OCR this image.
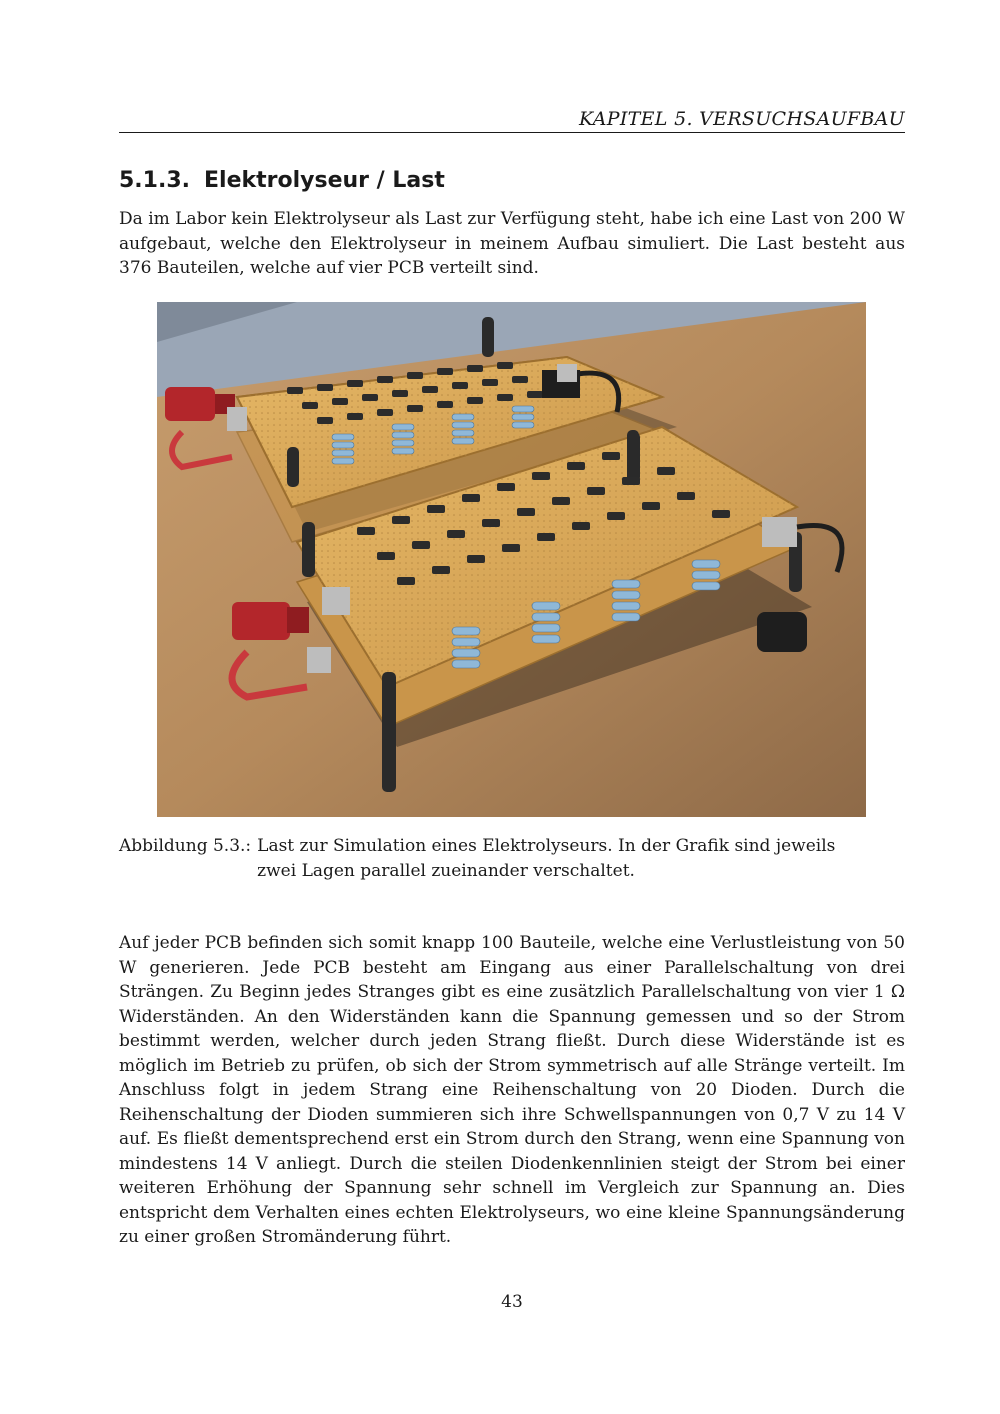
KAPITEL 5. VERSUCHSAUFBAU
5.1.3. Elektrolyseur / Last

Da im Labor kein Elektrolyseur als Last zur Verfügung steht, habe ich eine Last von 200 W aufgebaut, welche den Elektrolyseur in meinem Aufbau simuliert. Die Last besteht aus 376 Bauteilen, welche auf vier PCB verteilt sind.

Abbildung 5.3.: Last zur Simulation eines Elektrolyseurs. In der Grafik sind jeweils zwei Lagen parallel zueinander verschaltet.

Auf jeder PCB befinden sich somit knapp 100 Bauteile, welche eine Verlustleistung von 50 W generieren. Jede PCB besteht am Eingang aus einer Parallelschaltung von drei Strängen. Zu Beginn jedes Stranges gibt es eine zusätzlich Parallelschaltung von vier 1 Ω Widerständen. An den Widerständen kann die Spannung gemessen und so der Strom bestimmt werden, welcher durch jeden Strang fließt. Durch diese Widerstände ist es möglich im Betrieb zu prüfen, ob sich der Strom symmetrisch auf alle Stränge verteilt. Im Anschluss folgt in jedem Strang eine Reihenschaltung von 20 Dioden. Durch die Reihenschaltung der Dioden summieren sich ihre Schwellspannungen von 0,7 V zu 14 V auf. Es fließt dementsprechend erst ein Strom durch den Strang, wenn eine Spannung von mindestens 14 V anliegt. Durch die steilen Diodenkennlinien steigt der Strom bei einer weiteren Erhöhung der Spannung sehr schnell im Vergleich zur Spannung an. Dies entspricht dem Verhalten eines echten Elektrolyseurs, wo eine kleine Spannungsänderung zu einer großen Stromänderung führt.

43
